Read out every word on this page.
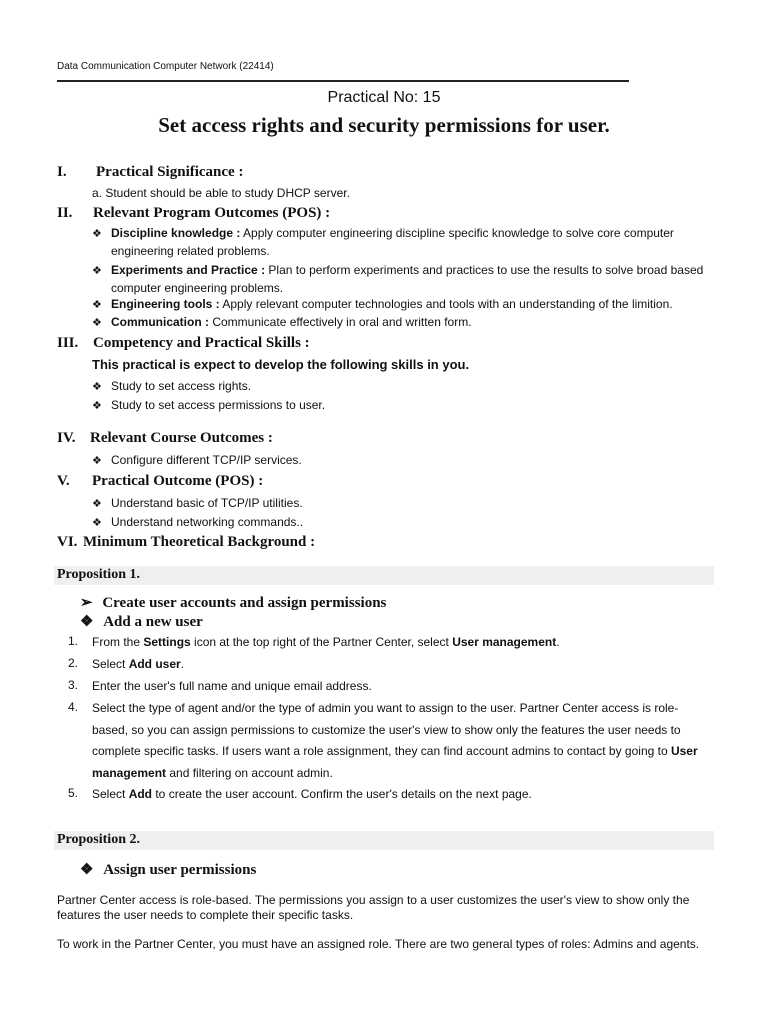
Data Communication Computer Network (22414)
Practical No: 15
Set access rights and security permissions for user.
I. Practical Significance :
a. Student should be able to study DHCP server.
II. Relevant Program Outcomes (POS) :
❖ Discipline knowledge : Apply computer engineering discipline specific knowledge to solve core computer engineering related problems.
❖ Experiments and Practice : Plan to perform experiments and practices to use the results to solve broad based computer engineering problems.
❖ Engineering tools : Apply relevant computer technologies and tools with an understanding of the limition.
❖ Communication : Communicate effectively in oral and written form.
III. Competency and Practical Skills :
This practical is expect to develop the following skills in you.
❖ Study to set access rights.
❖ Study to set access permissions to user.
IV. Relevant Course Outcomes :
❖ Configure different TCP/IP services.
V. Practical Outcome (POS) :
❖ Understand basic of TCP/IP utilities.
❖ Understand networking commands..
VI. Minimum Theoretical Background :
Proposition 1.
➢ Create user accounts and assign permissions
❖ Add a new user
1. From the Settings icon at the top right of the Partner Center, select User management.
2. Select Add user.
3. Enter the user's full name and unique email address.
4. Select the type of agent and/or the type of admin you want to assign to the user. Partner Center access is role-based, so you can assign permissions to customize the user's view to show only the features the user needs to complete specific tasks. If users want a role assignment, they can find account admins to contact by going to User management and filtering on account admin.
5. Select Add to create the user account. Confirm the user's details on the next page.
Proposition 2.
❖ Assign user permissions
Partner Center access is role-based. The permissions you assign to a user customizes the user's view to show only the features the user needs to complete their specific tasks.
To work in the Partner Center, you must have an assigned role. There are two general types of roles: Admins and agents.
